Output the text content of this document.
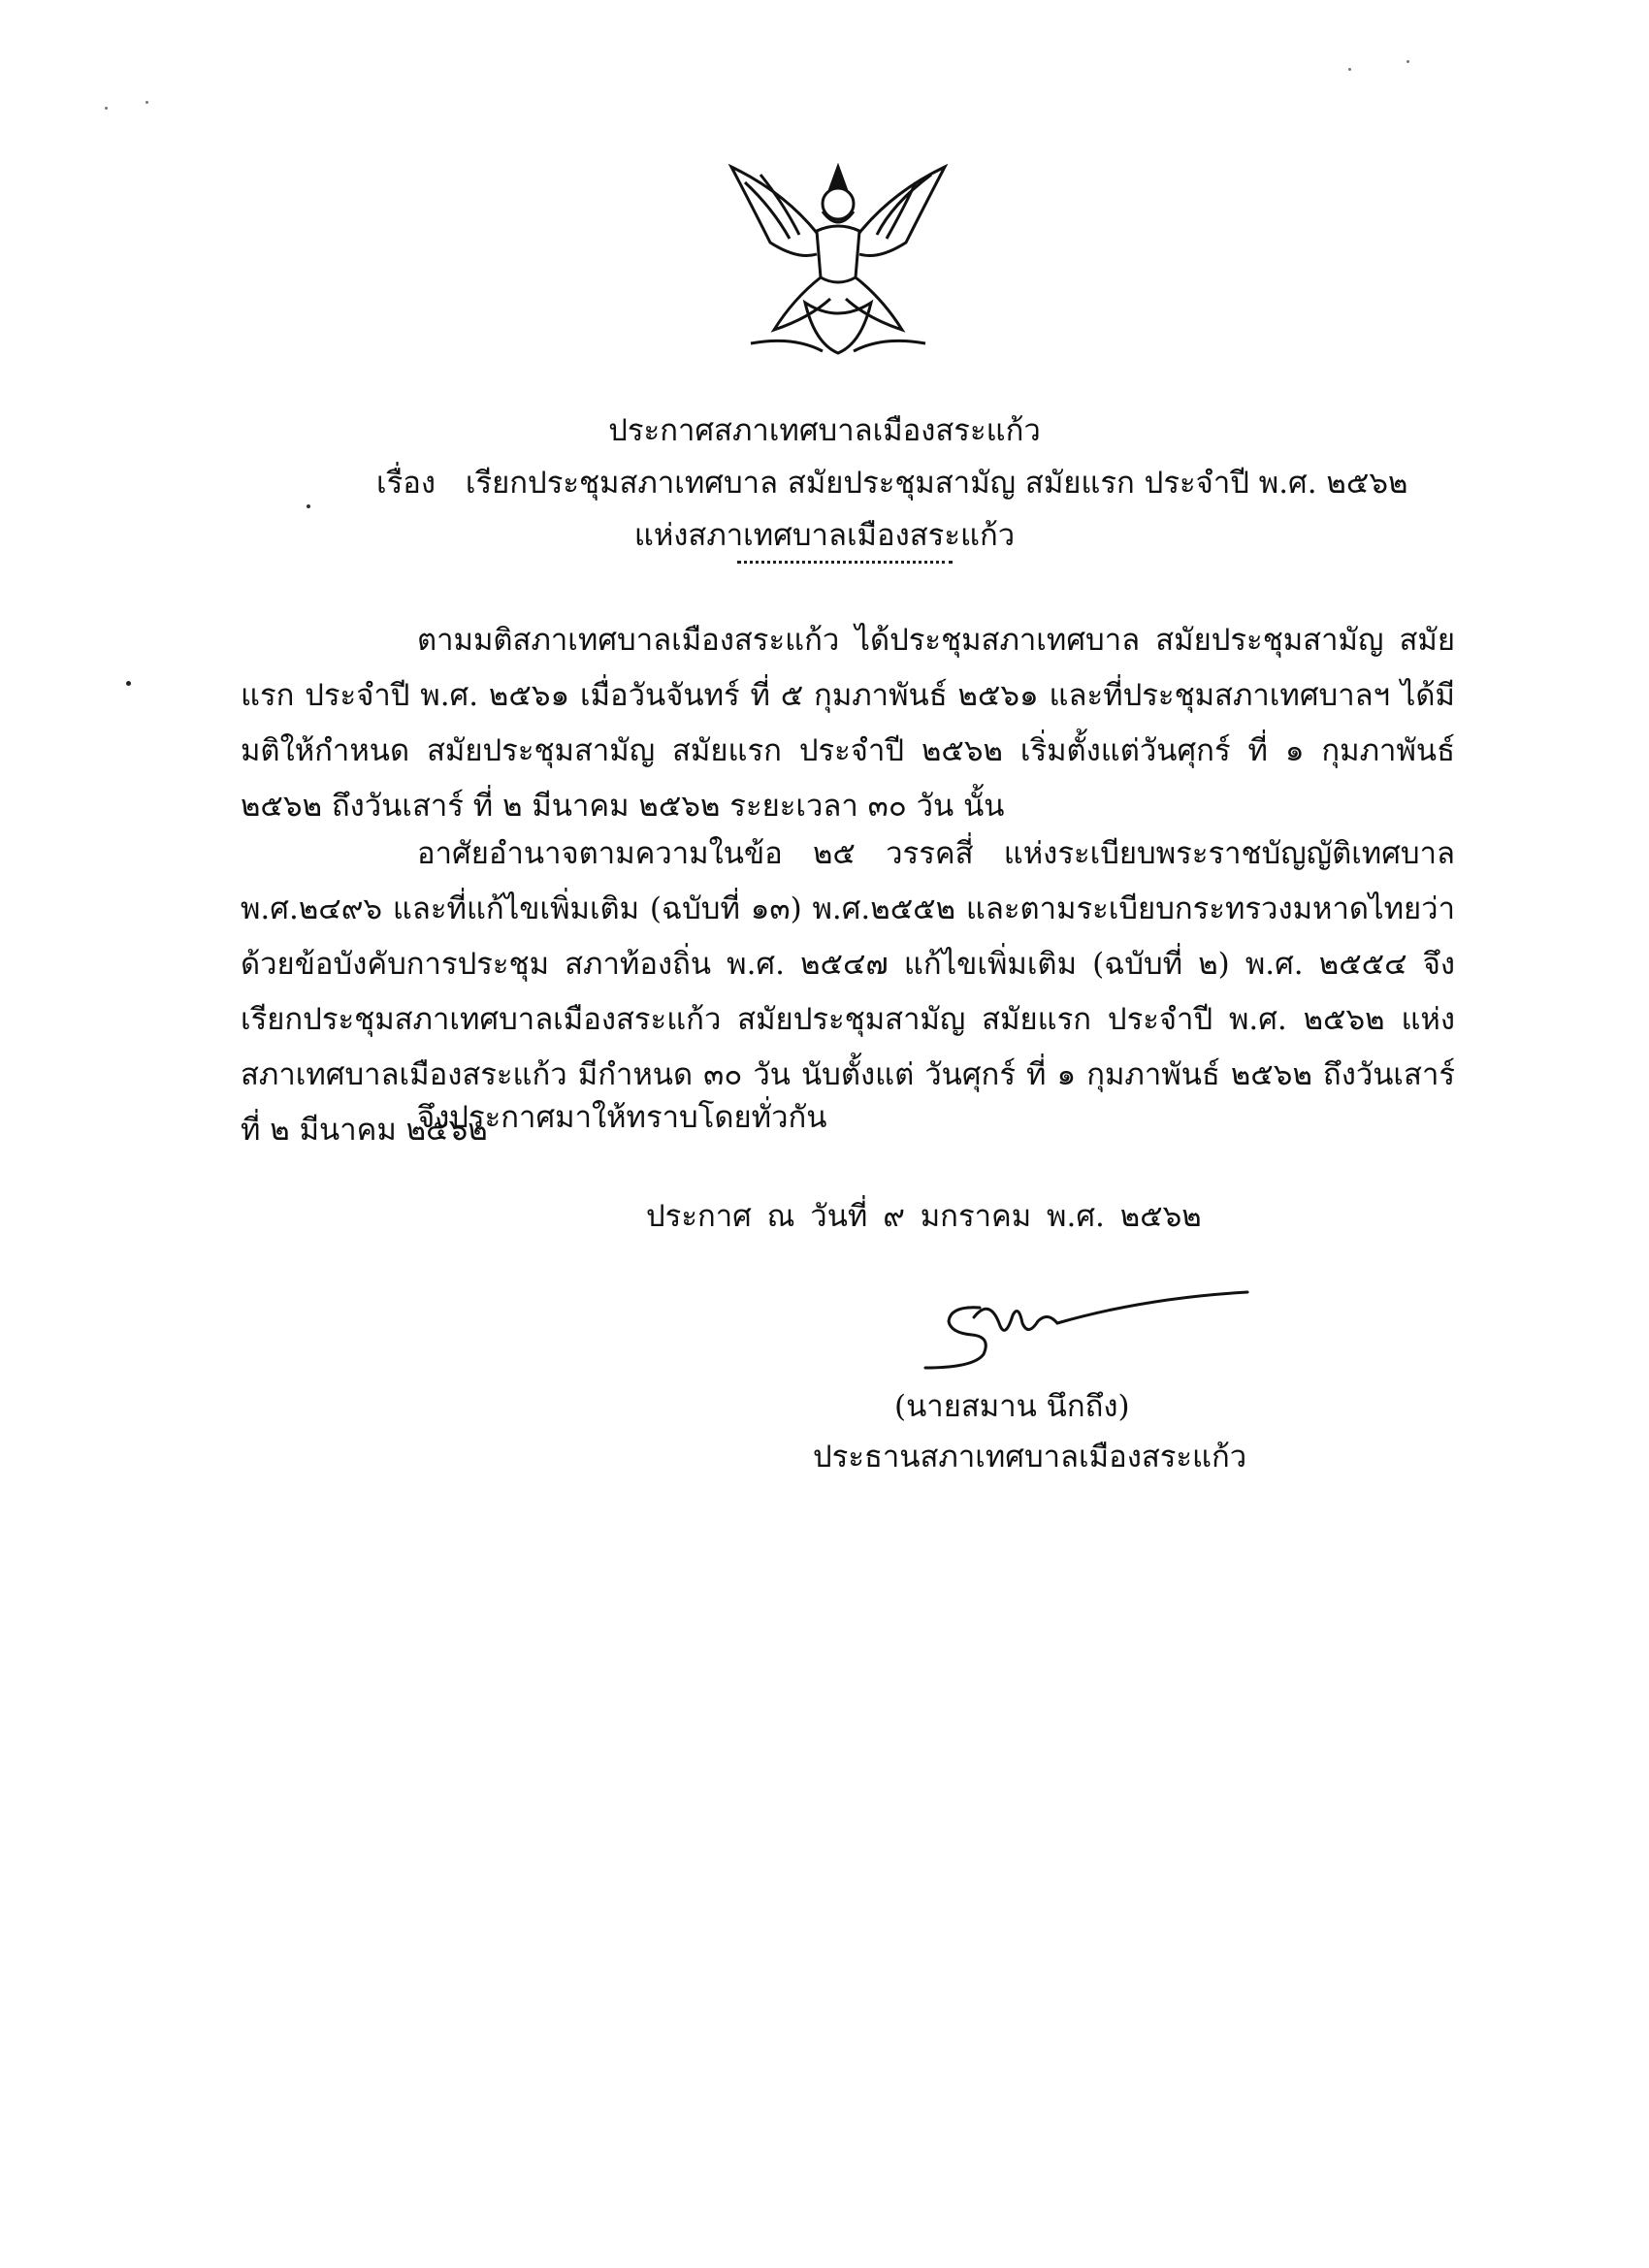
ประกาศสภาเทศบาลเมืองสระแก้ว
เรื่อง เรียกประชุมสภาเทศบาล สมัยประชุมสามัญ สมัยแรก ประจำปี พ.ศ. ๒๕๖๒
แห่งสภาเทศบาลเมืองสระแก้ว
ตามมติสภาเทศบาลเมืองสระแก้ว ได้ประชุมสภาเทศบาล สมัยประชุมสามัญ สมัยแรก ประจำปี พ.ศ. ๒๕๖๑ เมื่อวันจันทร์ ที่ ๕ กุมภาพันธ์ ๒๕๖๑ และที่ประชุมสภาเทศบาลฯ ได้มีมติให้กำหนด สมัยประชุมสามัญ สมัยแรก ประจำปี ๒๕๖๒ เริ่มตั้งแต่วันศุกร์ ที่ ๑ กุมภาพันธ์ ๒๕๖๒ ถึงวันเสาร์ ที่ ๒ มีนาคม ๒๕๖๒ ระยะเวลา ๓๐ วัน นั้น
อาศัยอำนาจตามความในข้อ ๒๕ วรรคสี่ แห่งระเบียบพระราชบัญญัติเทศบาล พ.ศ.๒๔๙๖ และที่แก้ไขเพิ่มเติม (ฉบับที่ ๑๓) พ.ศ.๒๕๕๒ และตามระเบียบกระทรวงมหาดไทยว่าด้วยข้อบังคับการประชุม สภาท้องถิ่น พ.ศ. ๒๕๔๗ แก้ไขเพิ่มเติม (ฉบับที่ ๒) พ.ศ. ๒๕๕๔ จึงเรียกประชุมสภาเทศบาลเมืองสระแก้ว สมัยประชุมสามัญ สมัยแรก ประจำปี พ.ศ. ๒๕๖๒ แห่งสภาเทศบาลเมืองสระแก้ว มีกำหนด ๓๐ วัน นับตั้งแต่ วันศุกร์ ที่ ๑ กุมภาพันธ์ ๒๕๖๒ ถึงวันเสาร์ ที่ ๒ มีนาคม ๒๕๖๒
จึงประกาศมาให้ทราบโดยทั่วกัน
ประกาศ ณ วันที่ ๙ มกราคม พ.ศ. ๒๕๖๒
(นายสมาน นึกถึง)
ประธานสภาเทศบาลเมืองสระแก้ว
